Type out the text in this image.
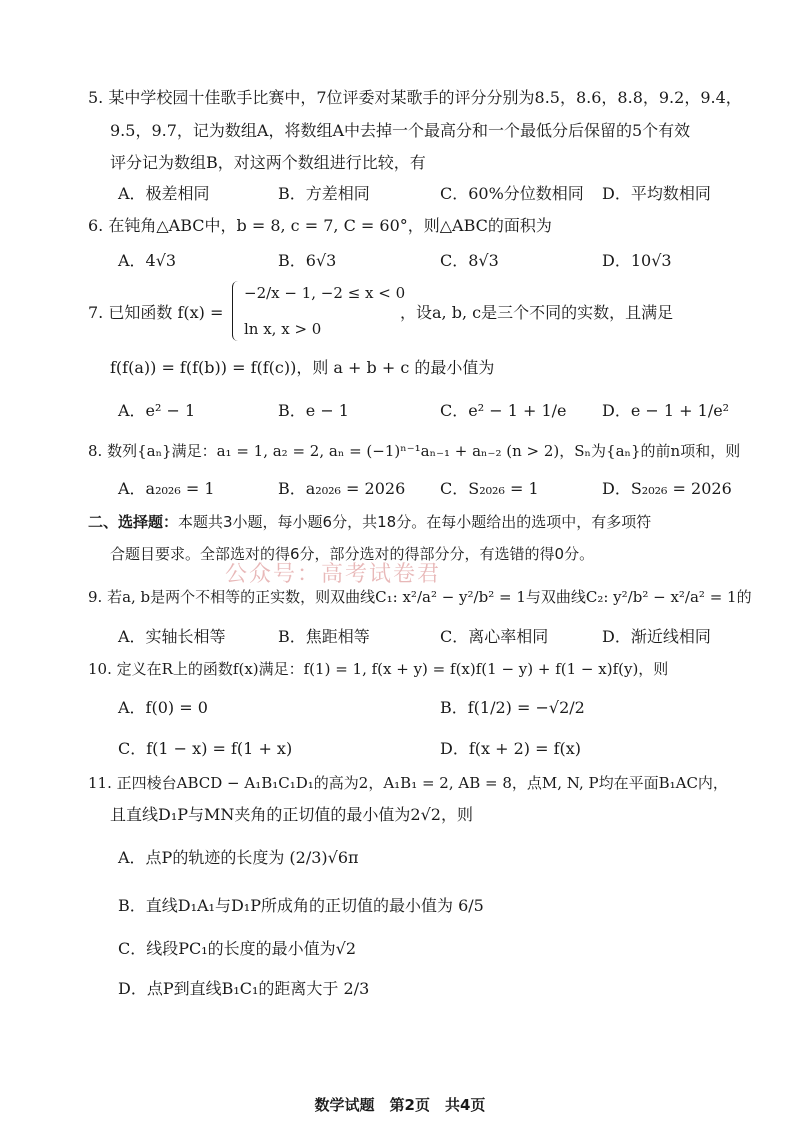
5. 某中学校园十佳歌手比赛中，7位评委对某歌手的评分分别为8.5，8.6，8.8，9.2，9.4，
9.5，9.7，记为数组A，将数组A中去掉一个最高分和一个最低分后保留的5个有效
评分记为数组B，对这两个数组进行比较，有
A．极差相同	B．方差相同	C．60%分位数相同 D．平均数相同
6. 在钝角△ABC中，b = 8, c = 7, C = 60°，则△ABC的面积为
A．4√3	B．6√3	C．8√3	D．10√3
7. 已知函数 f(x) =
−2/x − 1, −2 ≤ x < 0
ln x, x > 0
，设a, b, c是三个不同的实数，且满足
f(f(a)) = f(f(b)) = f(f(c))，则 a + b + c 的最小值为
A．e² − 1	B．e − 1	C．e² − 1 + 1/e D．e − 1 + 1/e²
8. 数列{aₙ}满足：a₁ = 1, a₂ = 2, aₙ = (−1)ⁿ⁻¹aₙ₋₁ + aₙ₋₂ (n > 2)，Sₙ为{aₙ}的前n项和，则
A．a₂₀₂₆ = 1	B．a₂₀₂₆ = 2026 C．S₂₀₂₆ = 1	D．S₂₀₂₆ = 2026
二、选择题：本题共3小题，每小题6分，共18分。在每小题给出的选项中，有多项符
合题目要求。全部选对的得6分，部分选对的得部分分，有选错的得0分。
公众号：高考试卷君
9. 若a, b是两个不相等的正实数，则双曲线C₁: x²/a² − y²/b² = 1与双曲线C₂: y²/b² − x²/a² = 1的
A．实轴长相等	B．焦距相等	C．离心率相同	D．渐近线相同
10. 定义在R上的函数f(x)满足：f(1) = 1, f(x + y) = f(x)f(1 − y) + f(1 − x)f(y)，则
A．f(0) = 0	B．f(1/2) = −√2/2
C．f(1 − x) = f(1 + x)	D．f(x + 2) = f(x)
11. 正四棱台ABCD − A₁B₁C₁D₁的高为2，A₁B₁ = 2, AB = 8，点M, N, P均在平面B₁AC内，
且直线D₁P与MN夹角的正切值的最小值为2√2，则
A．点P的轨迹的长度为 (2/3)√6π
B．直线D₁A₁与D₁P所成角的正切值的最小值为 6/5
C．线段PC₁的长度的最小值为√2
D．点P到直线B₁C₁的距离大于 2/3
数学试题　第2页　共4页
